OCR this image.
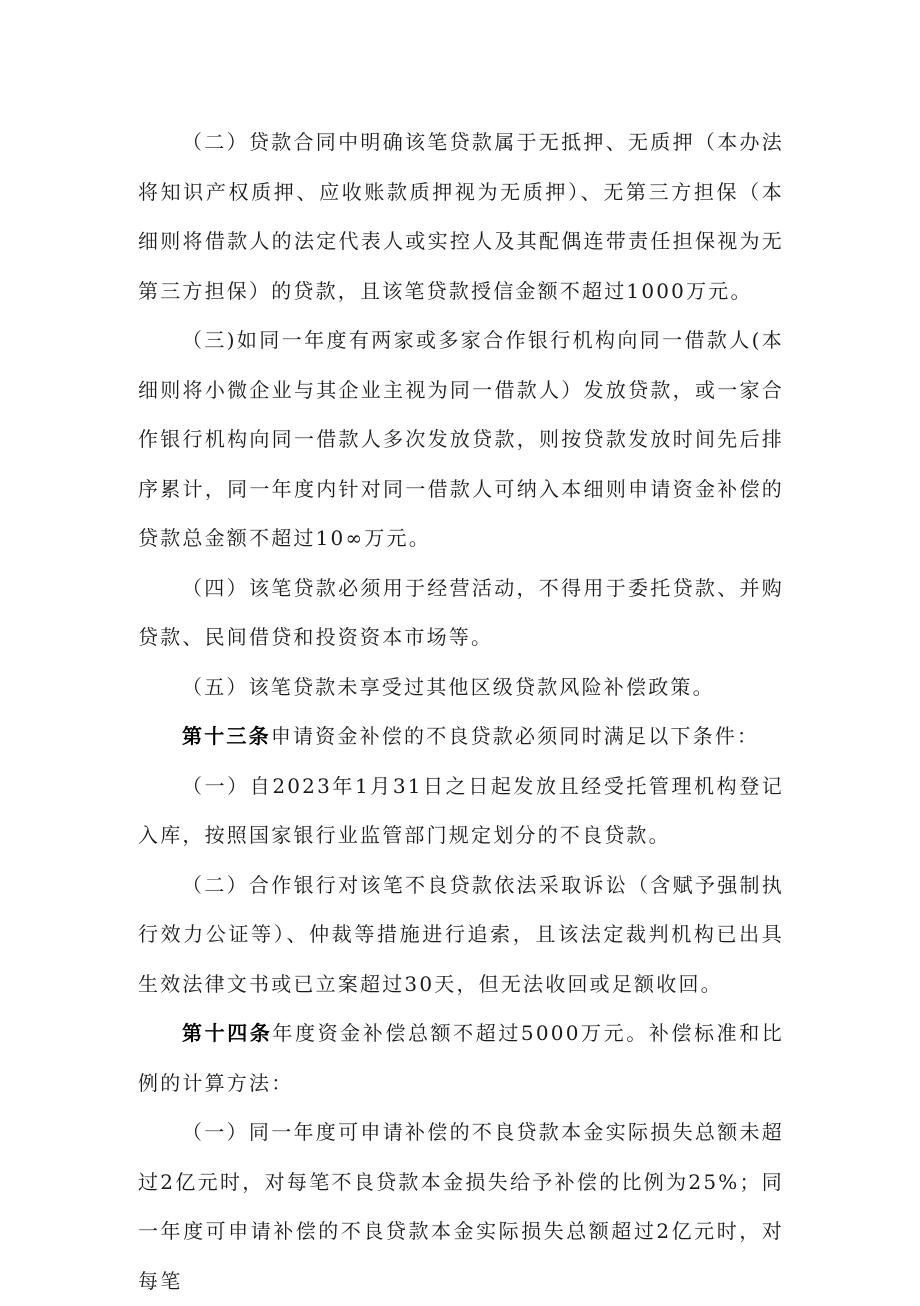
（二）贷款合同中明确该笔贷款属于无抵押、无质押（本办法将知识产权质押、应收账款质押视为无质押）、无第三方担保（本细则将借款人的法定代表人或实控人及其配偶连带责任担保视为无第三方担保）的贷款，且该笔贷款授信金额不超过1000万元。

（三)如同一年度有两家或多家合作银行机构向同一借款人(本细则将小微企业与其企业主视为同一借款人）发放贷款，或一家合作银行机构向同一借款人多次发放贷款，则按贷款发放时间先后排序累计，同一年度内针对同一借款人可纳入本细则申请资金补偿的贷款总金额不超过10∞万元。

（四）该笔贷款必须用于经营活动，不得用于委托贷款、并购贷款、民间借贷和投资资本市场等。

（五）该笔贷款未享受过其他区级贷款风险补偿政策。

第十三条申请资金补偿的不良贷款必须同时满足以下条件：

（一）自2023年1月31日之日起发放且经受托管理机构登记入库，按照国家银行业监管部门规定划分的不良贷款。

（二）合作银行对该笔不良贷款依法采取诉讼（含赋予强制执行效力公证等）、仲裁等措施进行追索，且该法定裁判机构已出具生效法律文书或已立案超过30天，但无法收回或足额收回。

第十四条年度资金补偿总额不超过5000万元。补偿标准和比例的计算方法：

（一）同一年度可申请补偿的不良贷款本金实际损失总额未超过2亿元时，对每笔不良贷款本金损失给予补偿的比例为25%；同一年度可申请补偿的不良贷款本金实际损失总额超过2亿元时，对每笔
